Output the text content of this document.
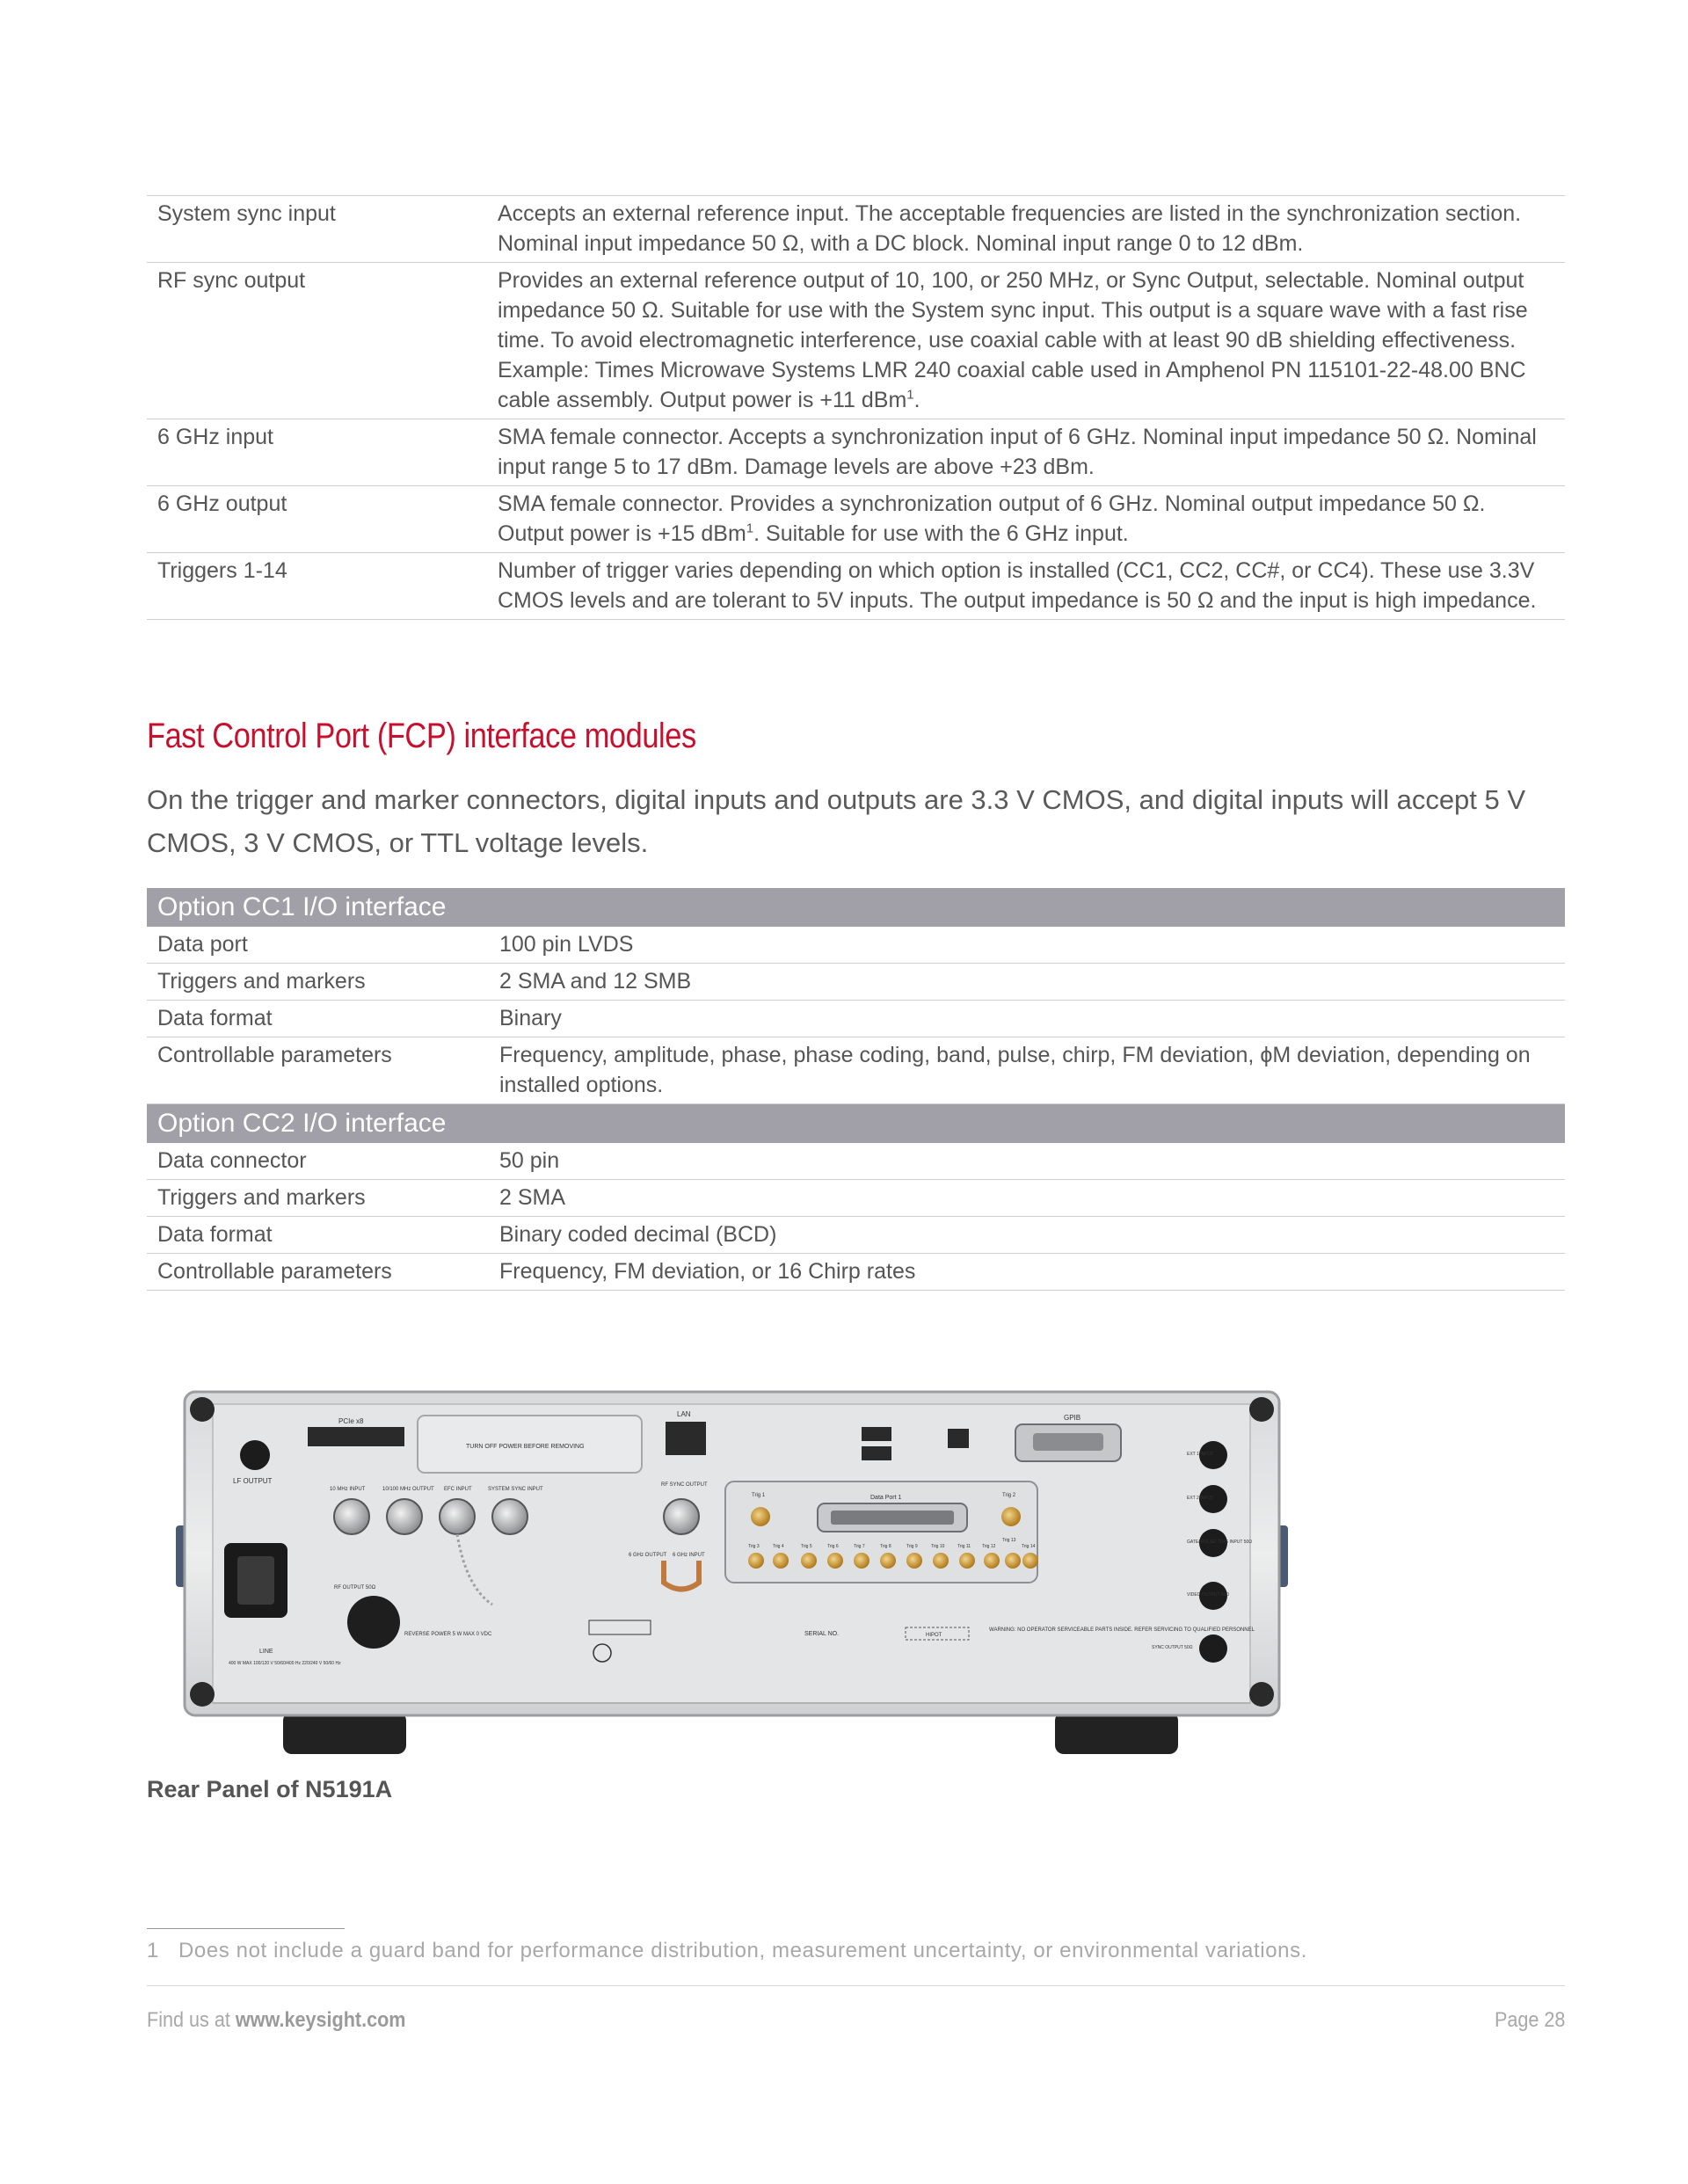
System sync input	Accepts an external reference input. The acceptable frequencies are listed in the synchronization section. Nominal input impedance 50 Ω, with a DC block. Nominal input range 0 to 12 dBm.
RF sync output	Provides an external reference output of 10, 100, or 250 MHz, or Sync Output, selectable. Nominal output impedance 50 Ω. Suitable for use with the System sync input. This output is a square wave with a fast rise time. To avoid electromagnetic interference, use coaxial cable with at least 90 dB shielding effectiveness. Example: Times Microwave Systems LMR 240 coaxial cable used in Amphenol PN 115101-22-48.00 BNC cable assembly. Output power is +11 dBm$^1$.
6 GHz input	SMA female connector. Accepts a synchronization input of 6 GHz. Nominal input impedance 50 Ω. Nominal input range 5 to 17 dBm. Damage levels are above +23 dBm.
6 GHz output	SMA female connector. Provides a synchronization output of 6 GHz. Nominal output impedance 50 Ω. Output power is +15 dBm$^1$. Suitable for use with the 6 GHz input.
Triggers 1-14	Number of trigger varies depending on which option is installed (CC1, CC2, CC#, or CC4). These use 3.3V CMOS levels and are tolerant to 5V inputs. The output impedance is 50 Ω and the input is high impedance.
Fast Control Port (FCP) interface modules

On the trigger and marker connectors, digital inputs and outputs are 3.3 V CMOS, and digital inputs will accept 5 V CMOS, 3 V CMOS, or TTL voltage levels.

Option CC1 I/O interface	
Data port	100 pin LVDS
Triggers and markers	2 SMA and 12 SMB
Data format	Binary
Controllable parameters	Frequency, amplitude, phase, phase coding, band, pulse, chirp, FM deviation, ϕM deviation, depending on installed options.
Option CC2 I/O interface	
Data connector	50 pin
Triggers and markers	2 SMA
Data format	Binary coded decimal (BCD)
Controllable parameters	Frequency, FM deviation, or 16 Chirp rates
LF OUTPUT
PCIe x8
TURN OFF POWER BEFORE REMOVING
LAN	GPIB
10 MHz INPUT	10/100 MHz OUTPUT EFC INPUT	SYSTEM SYNC INPUT
RF SYNC OUTPUT
6 GHz OUTPUT 6 GHz INPUT
Data Port 1
Trig 1	Trig 2
Trig 3	Trig 4	Trig 5	Trig 6	Trig 7	Trig 8	Trig 9	Trig 10	Trig 11	Trig 12
Trig 13
Trig 14
EXT 1 INPUT
EXT 2 INPUT
GATE/ PULSE/ TRIG INPUT 50Ω
VIDEO OUTPUT 50Ω
SYNC OUTPUT 50Ω
LINE
400 W MAX 100/120 V 50/60/400 Hz 220/240 V 50/60 Hz
RF OUTPUT 50Ω
REVERSE POWER 5 W MAX 0 VDC	SERIAL NO.	HIPOT
WARNING: NO OPERATOR SERVICEABLE PARTS INSIDE. REFER SERVICING TO QUALIFIED PERSONNEL
Rear Panel of N5191A
1 Does not include a guard band for performance distribution, measurement uncertainty, or environmental variations.
Find us at www.keysight.com	Page 28
